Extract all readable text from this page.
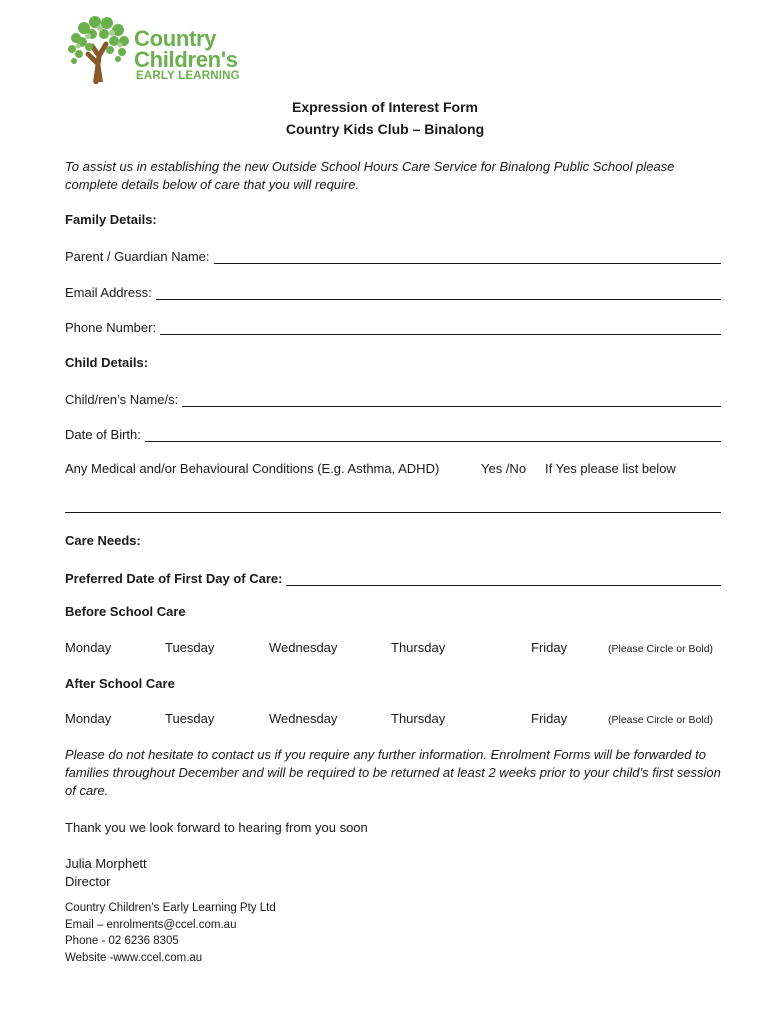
Country
Children's
EARLY LEARNING
Expression of Interest Form
Country Kids Club – Binalong
To assist us in establishing the new Outside School Hours Care Service for Binalong Public School please complete details below of care that you will require.
Family Details:
Parent / Guardian Name:
Email Address:
Phone Number:
Child Details:
Child/ren’s Name/s:
Date of Birth:
Any Medical and/or Behavioural Conditions (E.g. Asthma, ADHD)	Yes /No If Yes please list below
Care Needs:
Preferred Date of First Day of Care:
Before School Care
Monday	Tuesday	Wednesday	Thursday	Friday	(Please Circle or Bold)
After School Care
Monday	Tuesday	Wednesday	Thursday	Friday	(Please Circle or Bold)
Please do not hesitate to contact us if you require any further information. Enrolment Forms will be forwarded to families throughout December and will be required to be returned at least 2 weeks prior to your child’s first session of care.
Thank you we look forward to hearing from you soon
Julia Morphett
Director
Country Children’s Early Learning Pty Ltd
Email – enrolments@ccel.com.au
Phone - 02 6236 8305
Website -www.ccel.com.au
